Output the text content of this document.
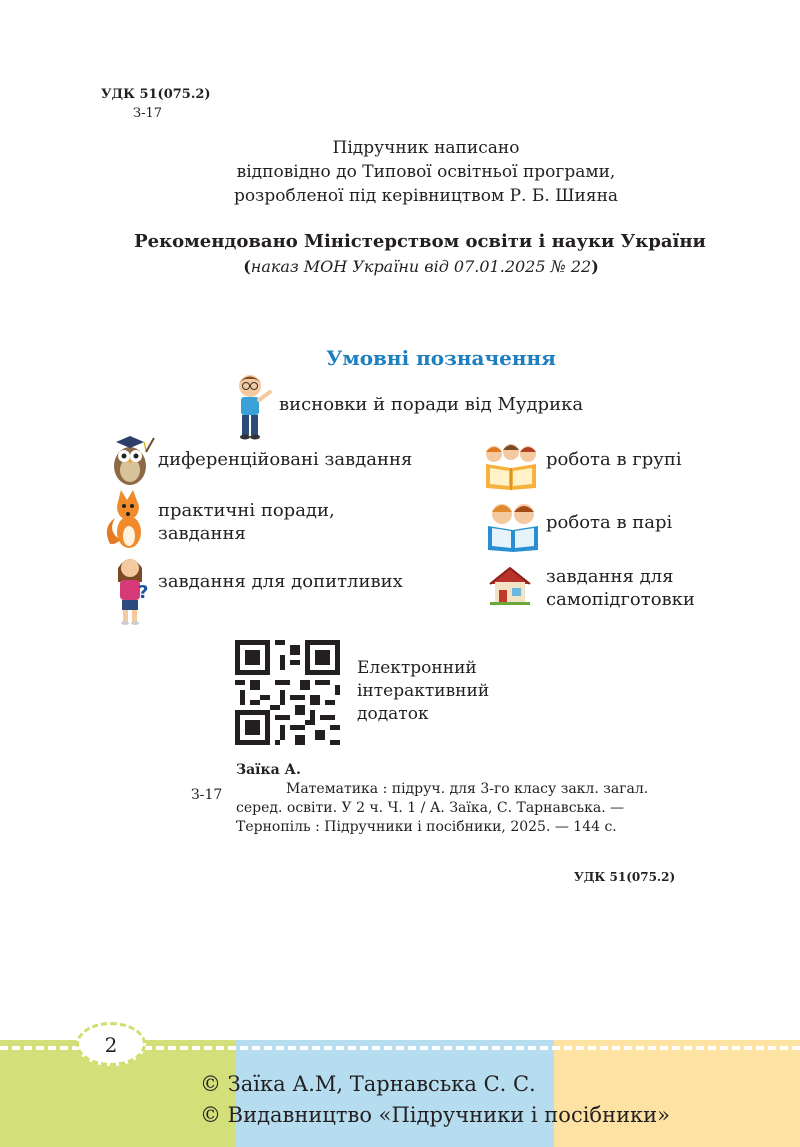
УДК 51(075.2)
З-17
Підручник написано
відповідно до Типової освітньої програми,
розробленої під керівництвом Р. Б. Шияна
Рекомендовано Міністерством освіти і науки України
(наказ МОН України від 07.01.2025 № 22)
Умовні позначення
висновки й поради від Мудрика
диференційовані завдання	робота в групі
практичні поради, завдання
робота в парі
?
завдання для допитливих	завдання для самопідготовки
Електронний
інтерактивний
додаток
З-17
Заїка А.
Математика : підруч. для 3-го класу закл. загал. серед. освіти. У 2 ч. Ч. 1 / А. Заїка, С. Тарнавська. — Тернопіль : Підручники і посібники, 2025. — 144 с.
УДК 51(075.2)
2
© Заїка А.М, Тарнавська С. С.
© Видавництво «Підручники і посібники»
